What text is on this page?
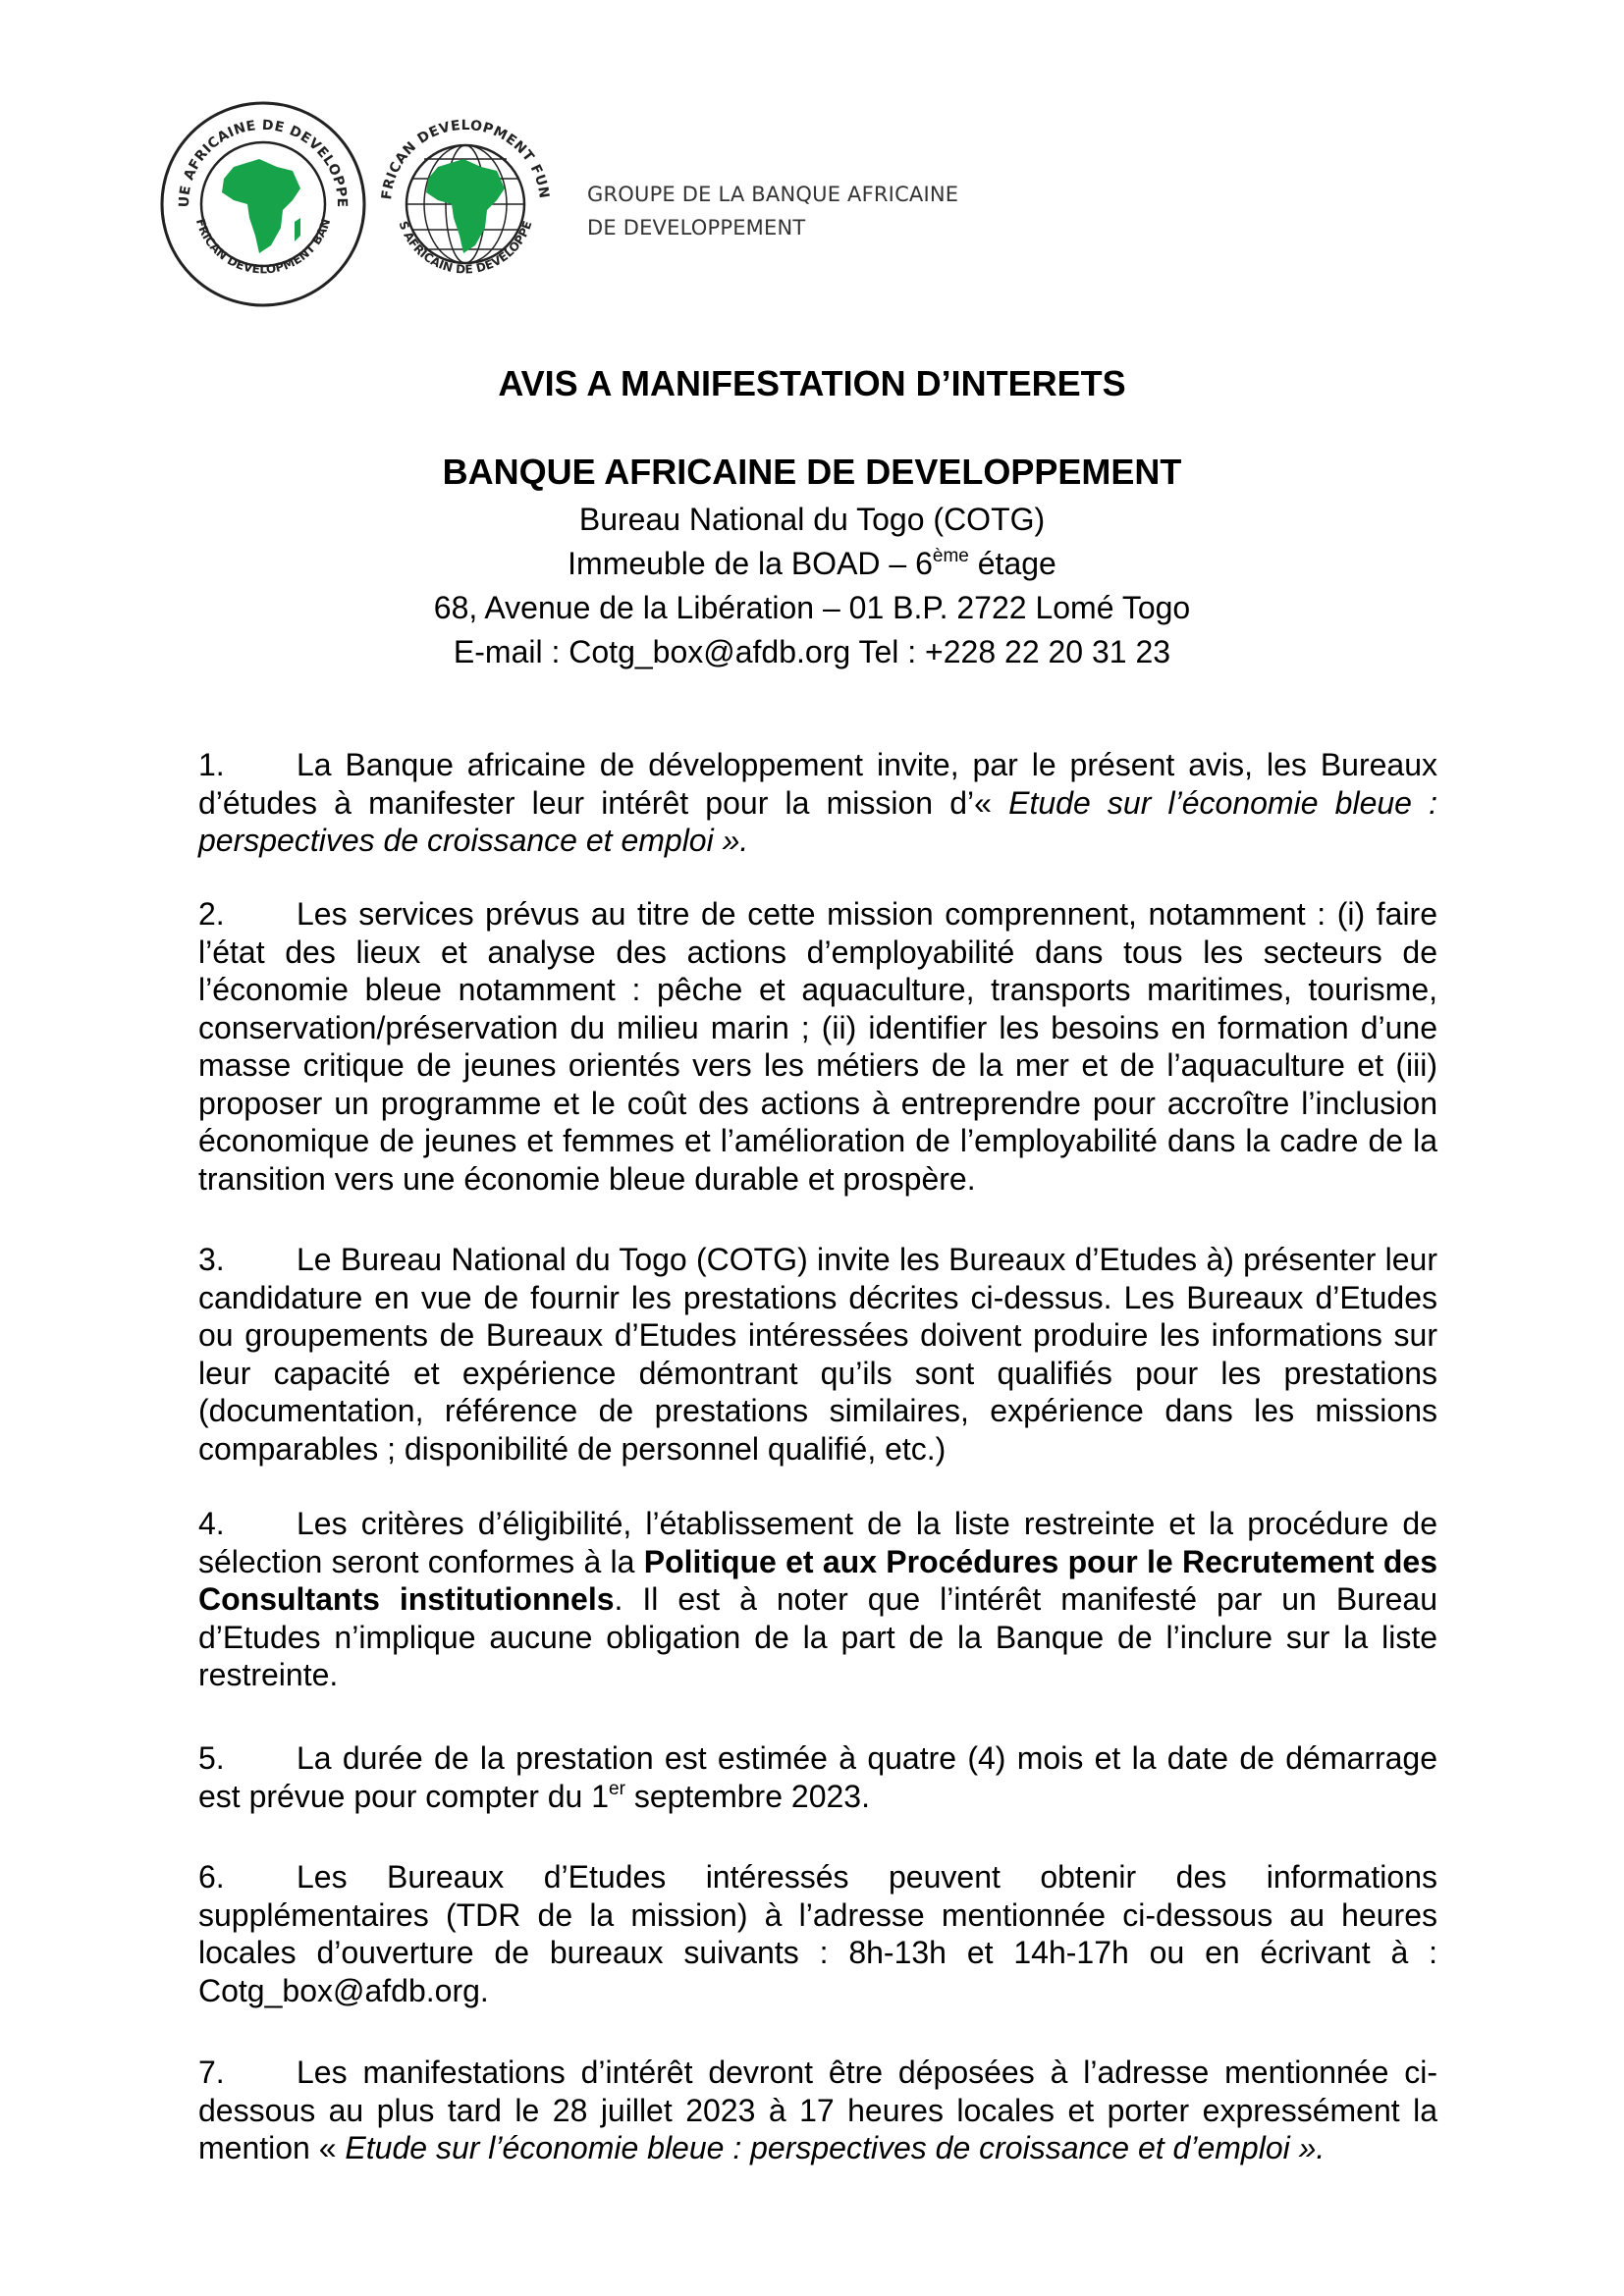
UE AFRICAINE DE DEVELOPPE
FRICAN DEVELOPMENT BAN
FRICAN DEVELOPMENT FUN
S AFRICAIN DE DEVELOPPE
GROUPE DE LA BANQUE AFRICAINE
DE DEVELOPPEMENT
AVIS A MANIFESTATION D’INTERETS
BANQUE AFRICAINE DE DEVELOPPEMENT
Bureau National du Togo (COTG)
Immeuble de la BOAD – 6ème étage
68, Avenue de la Libération – 01 B.P. 2722 Lomé Togo
E-mail : Cotg_box@afdb.org Tel : +228 22 20 31 23
1. La Banque africaine de développement invite, par le présent avis, les Bureaux d’études à manifester leur intérêt pour la mission d’« Etude sur l’économie bleue : perspectives de croissance et emploi ».
2. Les services prévus au titre de cette mission comprennent, notamment : (i) faire l’état des lieux et analyse des actions d’employabilité dans tous les secteurs de l’économie bleue notamment : pêche et aquaculture, transports maritimes, tourisme, conservation/préservation du milieu marin ; (ii) identifier les besoins en formation d’une masse critique de jeunes orientés vers les métiers de la mer et de l’aquaculture et (iii) proposer un programme et le coût des actions à entreprendre pour accroître l’inclusion économique de jeunes et femmes et l’amélioration de l’employabilité dans la cadre de la transition vers une économie bleue durable et prospère.
3. Le Bureau National du Togo (COTG) invite les Bureaux d’Etudes à) présenter leur candidature en vue de fournir les prestations décrites ci-dessus. Les Bureaux d’Etudes ou groupements de Bureaux d’Etudes intéressées doivent produire les informations sur leur capacité et expérience démontrant qu’ils sont qualifiés pour les prestations (documentation, référence de prestations similaires, expérience dans les missions comparables ; disponibilité de personnel qualifié, etc.)
4. Les critères d’éligibilité, l’établissement de la liste restreinte et la procédure de sélection seront conformes à la Politique et aux Procédures pour le Recrutement des Consultants institutionnels. Il est à noter que l’intérêt manifesté par un Bureau d’Etudes n’implique aucune obligation de la part de la Banque de l’inclure sur la liste restreinte.
5. La durée de la prestation est estimée à quatre (4) mois et la date de démarrage est prévue pour compter du 1er septembre 2023.
6. Les Bureaux d’Etudes intéressés peuvent obtenir des informations supplémentaires (TDR de la mission) à l’adresse mentionnée ci-dessous au heures locales d’ouverture de bureaux suivants : 8h-13h et 14h-17h ou en écrivant à : Cotg_box@afdb.org.
7. Les manifestations d’intérêt devront être déposées à l’adresse mentionnée ci-dessous au plus tard le 28 juillet 2023 à 17 heures locales et porter expressément la mention « Etude sur l’économie bleue : perspectives de croissance et d’emploi ».
